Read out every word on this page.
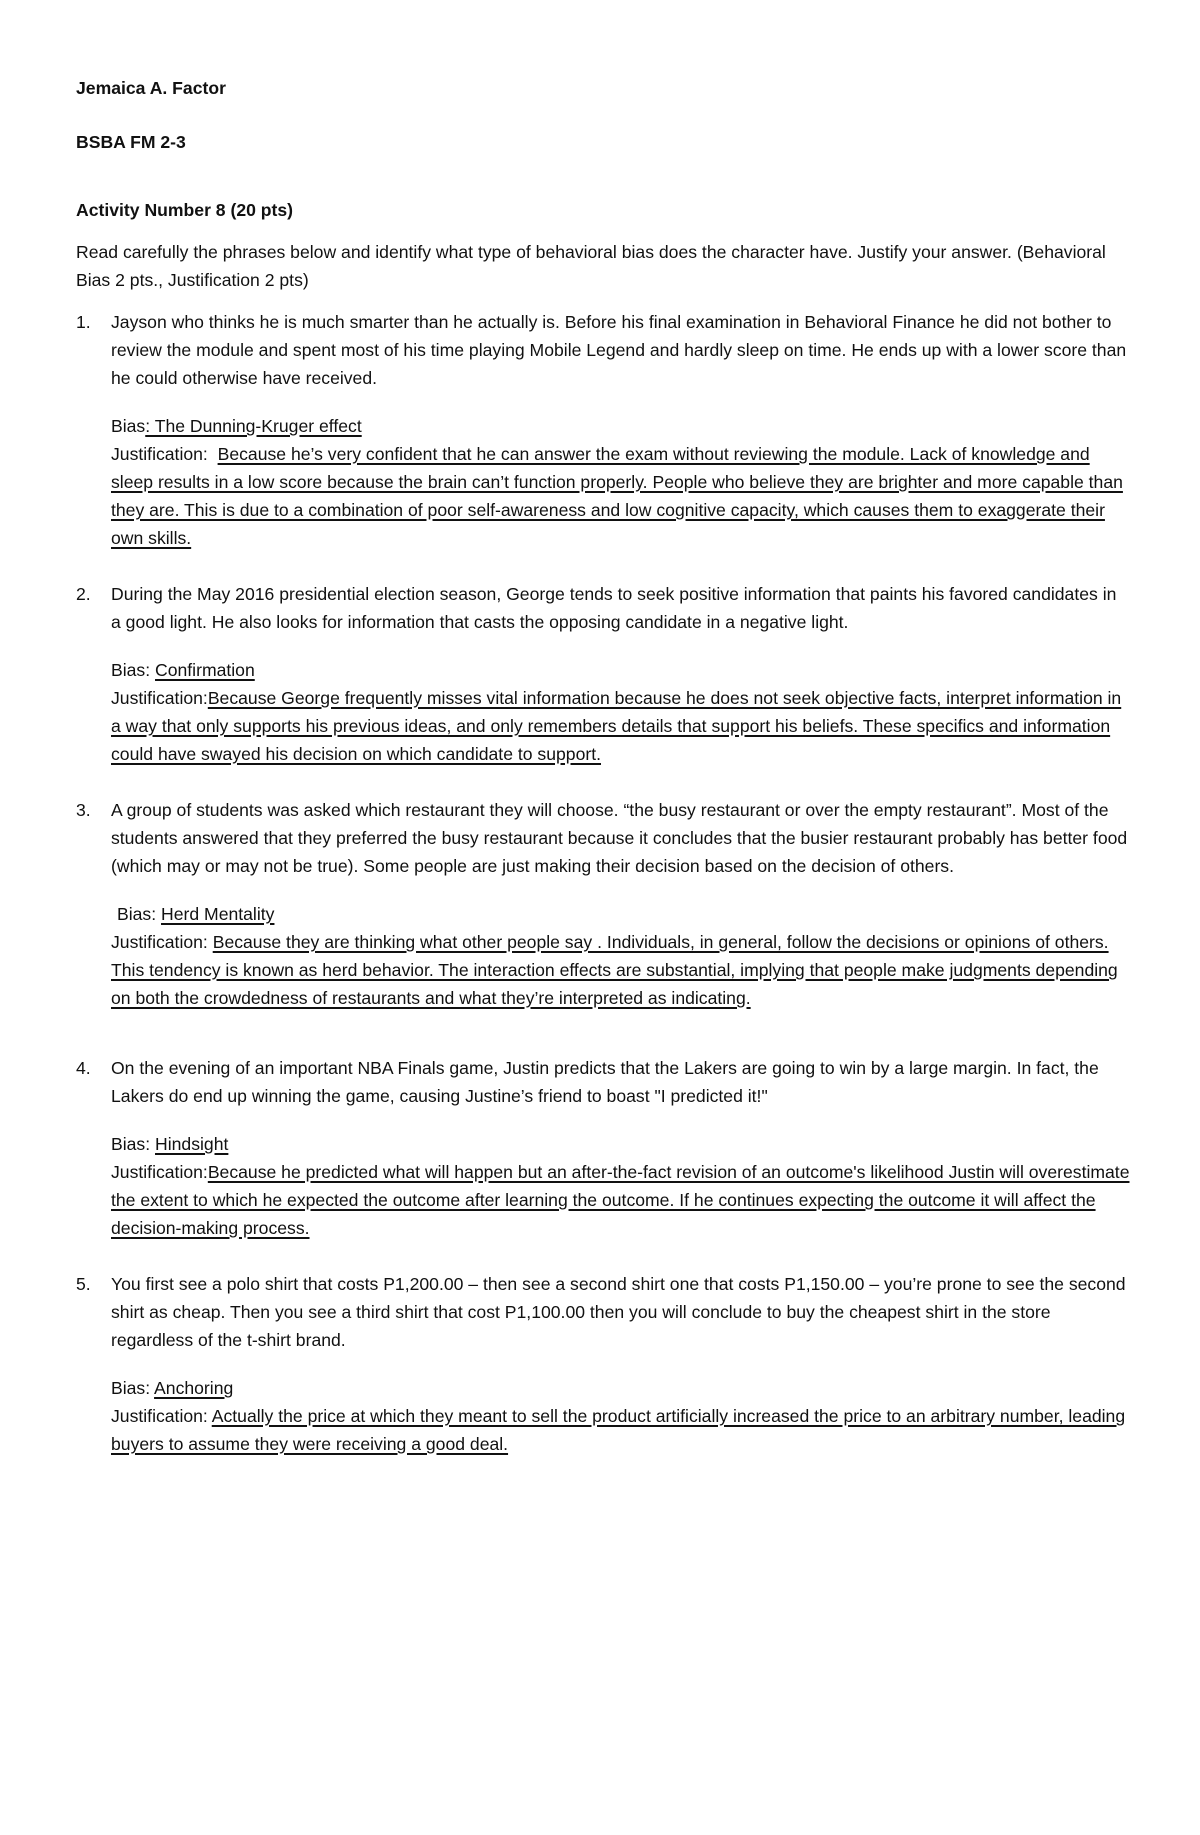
Jemaica A. Factor

BSBA FM 2-3

Activity Number 8 (20 pts)

Read carefully the phrases below and identify what type of behavioral bias does the character have. Justify your answer. (Behavioral Bias 2 pts., Justification 2 pts)

1.	Jayson who thinks he is much smarter than he actually is. Before his final examination in Behavioral Finance he did not bother to review the module and spent most of his time playing Mobile Legend and hardly sleep on time. He ends up with a lower score than he could otherwise have received.

Bias: The Dunning-Kruger effect

Justification: Because he’s very confident that he can answer the exam without reviewing the module. Lack of knowledge and sleep results in a low score because the brain can’t function properly. People who believe they are brighter and more capable than they are. This is due to a combination of poor self-awareness and low cognitive capacity, which causes them to exaggerate their own skills.

2.	During the May 2016 presidential election season, George tends to seek positive information that paints his favored candidates in a good light. He also looks for information that casts the opposing candidate in a negative light.

Bias: Confirmation

Justification:Because George frequently misses vital information because he does not seek objective facts, interpret information in a way that only supports his previous ideas, and only remembers details that support his beliefs. These specifics and information could have swayed his decision on which candidate to support.

3.	A group of students was asked which restaurant they will choose. “the busy restaurant or over the empty restaurant”. Most of the students answered that they preferred the busy restaurant because it concludes that the busier restaurant probably has better food (which may or may not be true). Some people are just making their decision based on the decision of others.

Bias: Herd Mentality

Justification: Because they are thinking what other people say . Individuals, in general, follow the decisions or opinions of others. This tendency is known as herd behavior. The interaction effects are substantial, implying that people make judgments depending on both the crowdedness of restaurants and what they’re interpreted as indicating.

4.	On the evening of an important NBA Finals game, Justin predicts that the Lakers are going to win by a large margin. In fact, the Lakers do end up winning the game, causing Justine’s friend to boast "I predicted it!"

Bias: Hindsight

Justification:Because he predicted what will happen but an after-the-fact revision of an outcome's likelihood Justin will overestimate the extent to which he expected the outcome after learning the outcome. If he continues expecting the outcome it will affect the decision-making process.

5.	You first see a polo shirt that costs P1,200.00 – then see a second shirt one that costs P1,150.00 – you’re prone to see the second shirt as cheap. Then you see a third shirt that cost P1,100.00 then you will conclude to buy the cheapest shirt in the store regardless of the t-shirt brand.

Bias: Anchoring

Justification: Actually the price at which they meant to sell the product artificially increased the price to an arbitrary number, leading buyers to assume they were receiving a good deal.
